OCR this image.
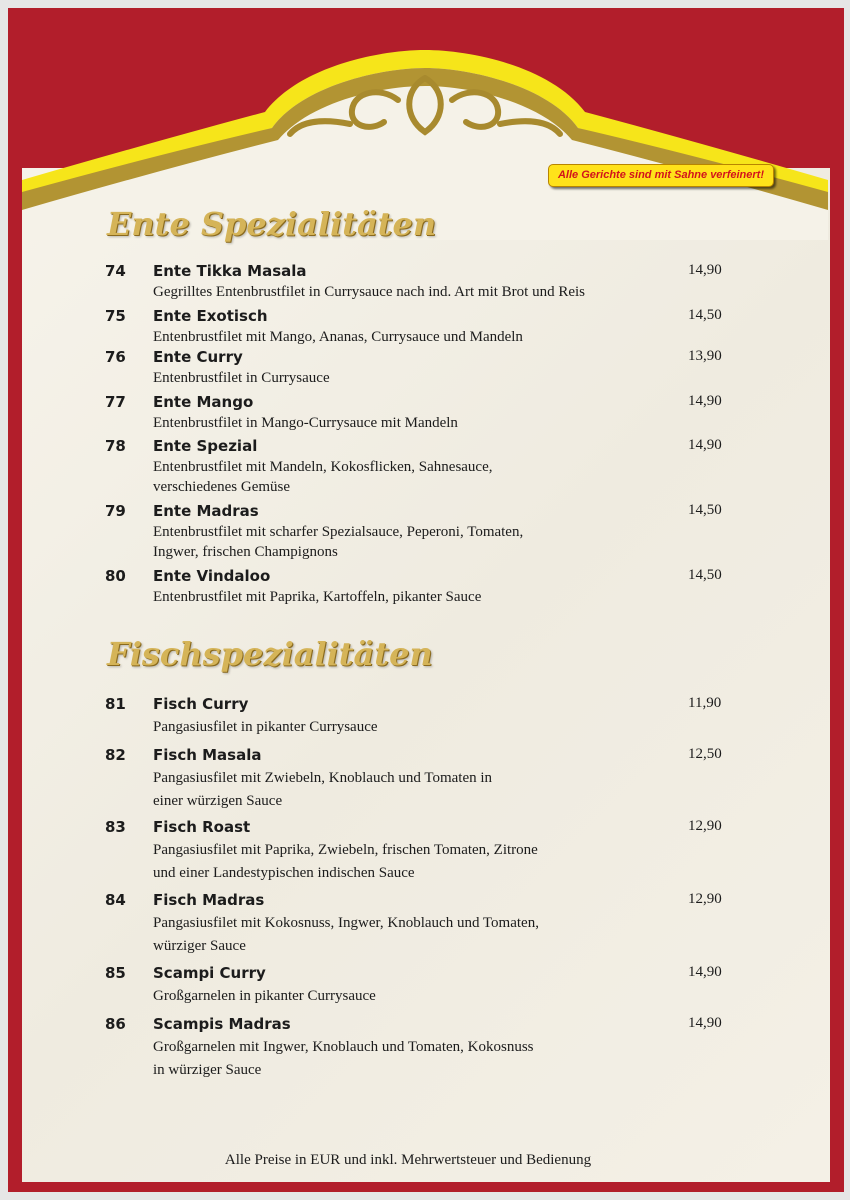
Alle Gerichte sind mit Sahne verfeinert!
Ente Spezialitäten
74 Ente Tikka Masala	14,90
Gegrilltes Entenbrustfilet in Currysauce nach ind. Art mit Brot und Reis
75 Ente Exotisch	14,50
Entenbrustfilet mit Mango, Ananas, Currysauce und Mandeln
76 Ente Curry	13,90
Entenbrustfilet in Currysauce
77 Ente Mango	14,90
Entenbrustfilet in Mango-Currysauce mit Mandeln
78 Ente Spezial	14,90
Entenbrustfilet mit Mandeln, Kokosflicken, Sahnesauce,
verschiedenes Gemüse
79 Ente Madras	14,50
Entenbrustfilet mit scharfer Spezialsauce, Peperoni, Tomaten,
Ingwer, frischen Champignons
80 Ente Vindaloo	14,50
Entenbrustfilet mit Paprika, Kartoffeln, pikanter Sauce
Fischspezialitäten
81 Fisch Curry	11,90
Pangasiusfilet in pikanter Currysauce
82 Fisch Masala	12,50
Pangasiusfilet mit Zwiebeln, Knoblauch und Tomaten in
einer würzigen Sauce
83 Fisch Roast	12,90
Pangasiusfilet mit Paprika, Zwiebeln, frischen Tomaten, Zitrone
und einer Landestypischen indischen Sauce
84 Fisch Madras	12,90
Pangasiusfilet mit Kokosnuss, Ingwer, Knoblauch und Tomaten,
würziger Sauce
85 Scampi Curry	14,90
Großgarnelen in pikanter Currysauce
86 Scampis Madras	14,90
Großgarnelen mit Ingwer, Knoblauch und Tomaten, Kokosnuss
in würziger Sauce
Alle Preise in EUR und inkl. Mehrwertsteuer und Bedienung
